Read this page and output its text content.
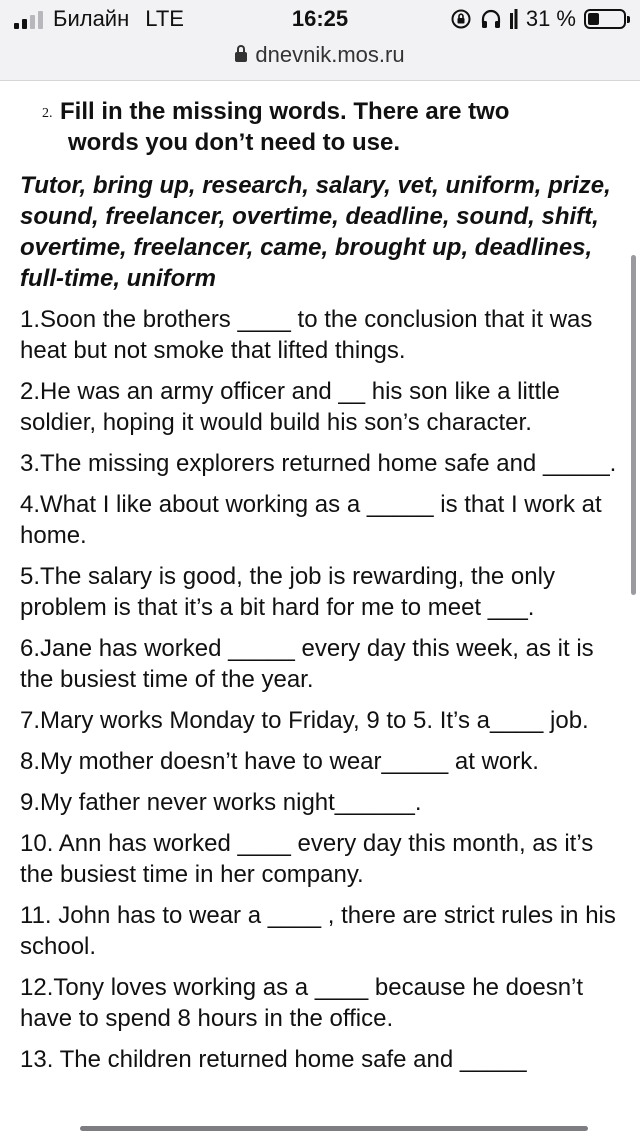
Билайн LTE	16:25	31 %
dnevnik.mos.ru
2. Fill in the missing words. There are two
words you don’t need to use.
Tutor, bring up, research, salary, vet, uniform, prize, sound, freelancer, overtime, deadline, sound, shift, overtime, freelancer, came, brought up, deadlines, full-time, uniform
1.Soon the brothers ____ to the conclusion that it was heat but not smoke that lifted things.
2.He was an army officer and __ his son like a little soldier, hoping it would build his son’s character.
3.The missing explorers returned home safe and _____.
4.What I like about working as a _____ is that I work at home.
5.The salary is good, the job is rewarding, the only problem is that it’s a bit hard for me to meet ___.
6.Jane has worked _____ every day this week, as it is the busiest time of the year.
7.Mary works Monday to Friday, 9 to 5. It’s a____ job.
8.My mother doesn’t have to wear_____ at work.
9.My father never works night______.
10. Ann has worked ____ every day this month, as it’s the busiest time in her company.
11. John has to wear a ____ , there are strict rules in his school.
12.Tony loves working as a ____ because he doesn’t have to spend 8 hours in the office.
13. The children returned home safe and _____
